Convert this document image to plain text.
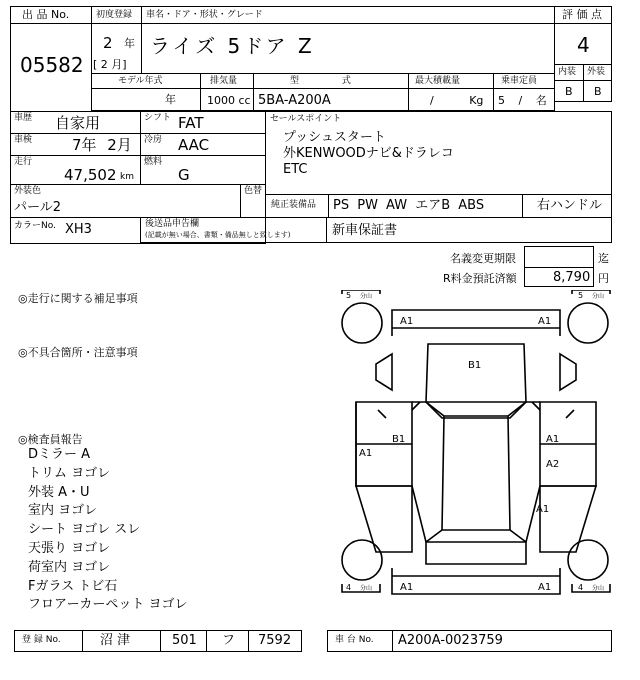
出 品 No.
05582
初度登録
2 年
[ 2 月]
車名・ドア・形状・グレード
ライズ 5ドア Z
評 価 点
4
内装 外装
B B
モデル年式
年
排気量
1000 cc
型 式
5BA-A200A
最大積載量
/ Kg
乗車定員
5 / 名
車歴 自家用	シフト FAT
車検	7年 2月 冷房 AAC
走行
47,502 km
燃料
G
外装色
パール2
色替
カラーNo. XH3
セールスポイント
プッシュスタート
外KENWOODナビ&ドラレコ
ETC
純正装備品 PS PW AW エアB ABS	右ハンドル
後送品申告欄
(記載が無い場合、書類・備品無しと致します)	新車保証書
名義変更期限	迄
R料金預託済額	8,790 円
◎走行に関する補足事項
◎不具合箇所・注意事項
◎検査員報告
Dミラー A
トリム ヨゴレ
外装 A・U
室内 ヨゴレ
シート ヨゴレ スレ
天張り ヨゴレ
荷室内 ヨゴレ
Fガラス トビ石
フロアーカーペット ヨゴレ
5 分山	5 分山
4 分山	4 分山
A1	A1
B1
B1
A1
A1
A2
A1
A1	A1
登 録 No.	沼 津	501 フ 7592	車 台 No. A200A-0023759
